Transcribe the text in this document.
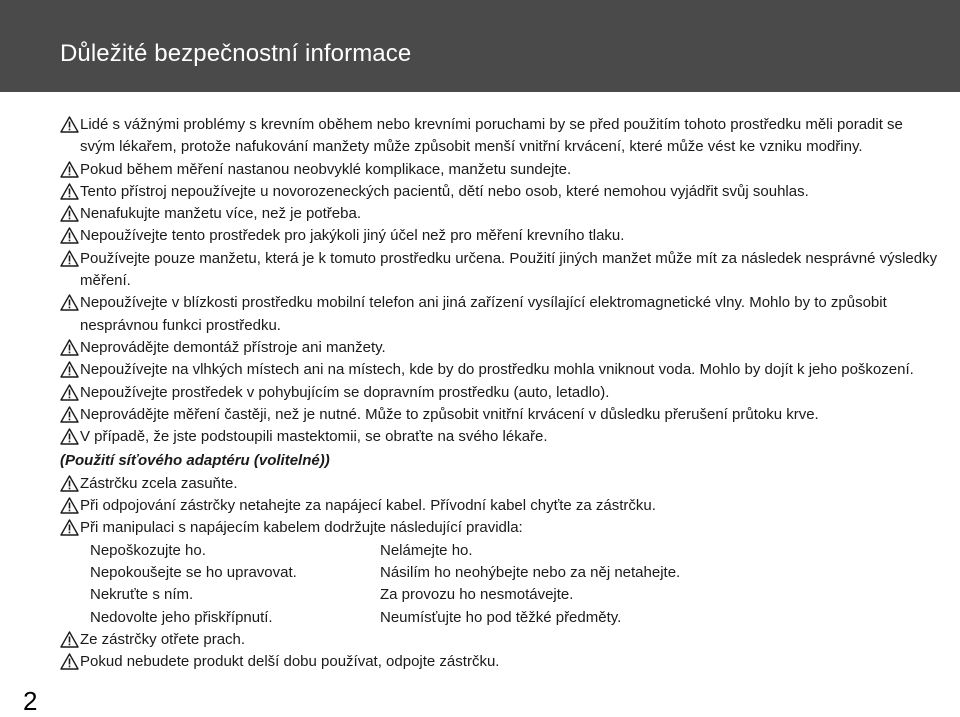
Důležité bezpečnostní informace
Lidé s vážnými problémy s krevním oběhem nebo krevními poruchami by se před použitím tohoto prostředku měli poradit se svým lékařem, protože nafukování manžety může způsobit menší vnitřní krvácení, které může vést ke vzniku modřiny.
Pokud během měření nastanou neobvyklé komplikace, manžetu sundejte.
Tento přístroj nepoužívejte u novorozeneckých pacientů, dětí nebo osob, které nemohou vyjádřit svůj souhlas.
Nenafukujte manžetu více, než je potřeba.
Nepoužívejte tento prostředek pro jakýkoli jiný účel než pro měření krevního tlaku.
Používejte pouze manžetu, která je k tomuto prostředku určena. Použití jiných manžet může mít za následek nesprávné výsledky měření.
Nepoužívejte v blízkosti prostředku mobilní telefon ani jiná zařízení vysílající elektromagnetické vlny. Mohlo by to způsobit nesprávnou funkci prostředku.
Neprovádějte demontáž přístroje ani manžety.
Nepoužívejte na vlhkých místech ani na místech, kde by do prostředku mohla vniknout voda. Mohlo by dojít k jeho poškození.
Nepoužívejte prostředek v pohybujícím se dopravním prostředku (auto, letadlo).
Neprovádějte měření častěji, než je nutné. Může to způsobit vnitřní krvácení v důsledku přerušení průtoku krve.
V případě, že jste podstoupili mastektomii, se obraťte na svého lékaře.
(Použití síťového adaptéru (volitelné))
Zástrčku zcela zasuňte.
Při odpojování zástrčky netahejte za napájecí kabel. Přívodní kabel chyťte za zástrčku.
Při manipulaci s napájecím kabelem dodržujte následující pravidla:
Nepoškozujte ho.	Nelámejte ho.
Nepokoušejte se ho upravovat.	Násilím ho neohýbejte nebo za něj netahejte.
Nekruťte s ním.	Za provozu ho nesmotávejte.
Nedovolte jeho přiskřípnutí.	Neumísťujte ho pod těžké předměty.
Ze zástrčky otřete prach.
Pokud nebudete produkt delší dobu používat, odpojte zástrčku.
2
